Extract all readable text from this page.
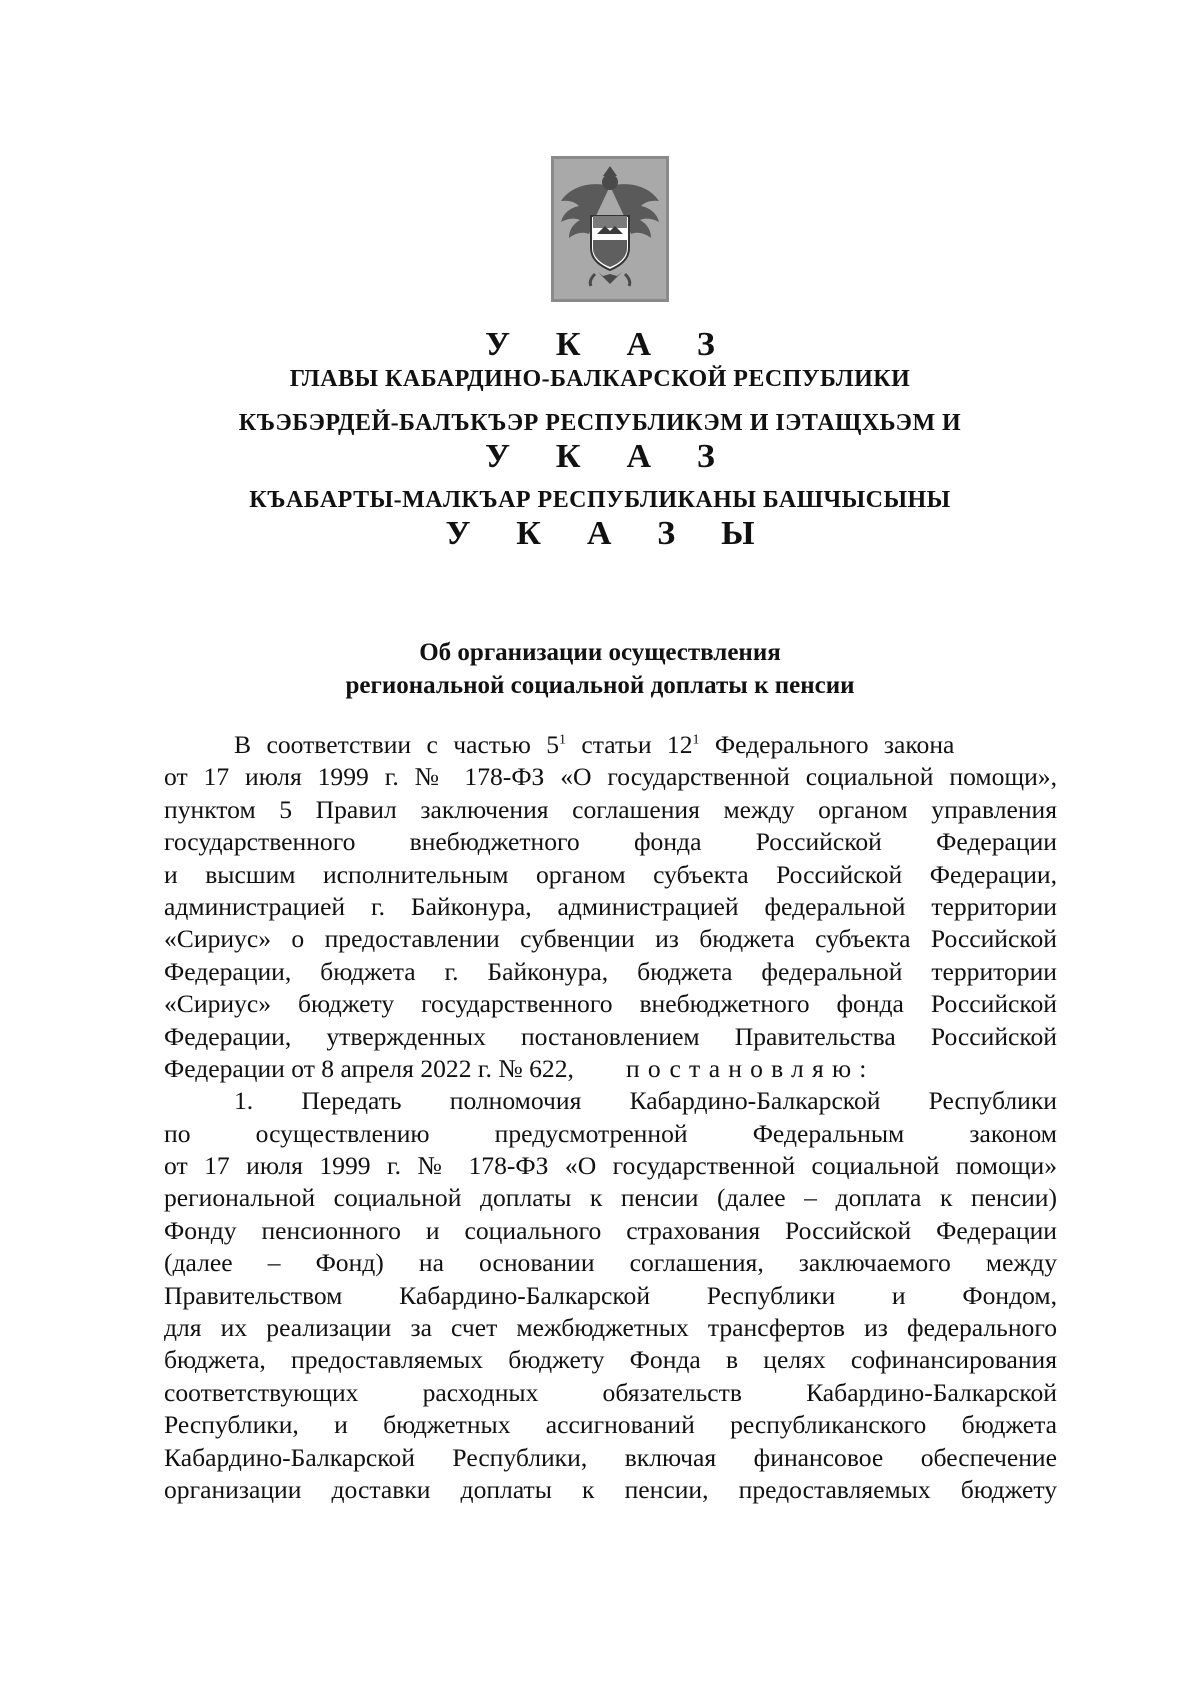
У К А З
ГЛАВЫ КАБАРДИНО-БАЛКАРСКОЙ РЕСПУБЛИКИ
КЪЭБЭРДЕЙ-БАЛЪКЪЭР РЕСПУБЛИКЭМ И IЭТАЩХЬЭМ И
У К А З
КЪАБАРТЫ-МАЛКЪАР РЕСПУБЛИКАНЫ БАШЧЫСЫНЫ
У К А З Ы
Об организации осуществления
региональной социальной доплаты к пенсии
В соответствии с частью $5^1$ статьи $12^1$ Федерального закона
от 17 июля 1999 г. № 178-ФЗ «О государственной социальной помощи»,
пунктом 5 Правил заключения соглашения между органом управления
государственного внебюджетного фонда Российской Федерации
и высшим исполнительным органом субъекта Российской Федерации,
администрацией г. Байконура, администрацией федеральной территории
«Сириус» о предоставлении субвенции из бюджета субъекта Российской
Федерации, бюджета г. Байконура, бюджета федеральной территории
«Сириус» бюджету государственного внебюджетного фонда Российской
Федерации, утвержденных постановлением Правительства Российской
Федерации от 8 апреля 2022 г. № 622, постановляю:
1. Передать полномочия Кабардино-Балкарской Республики
по осуществлению предусмотренной Федеральным законом
от 17 июля 1999 г. № 178-ФЗ «О государственной социальной помощи»
региональной социальной доплаты к пенсии (далее – доплата к пенсии)
Фонду пенсионного и социального страхования Российской Федерации
(далее – Фонд) на основании соглашения, заключаемого между
Правительством Кабардино-Балкарской Республики и Фондом,
для их реализации за счет межбюджетных трансфертов из федерального
бюджета, предоставляемых бюджету Фонда в целях софинансирования
соответствующих расходных обязательств Кабардино-Балкарской
Республики, и бюджетных ассигнований республиканского бюджета
Кабардино-Балкарской Республики, включая финансовое обеспечение
организации доставки доплаты к пенсии, предоставляемых бюджету
